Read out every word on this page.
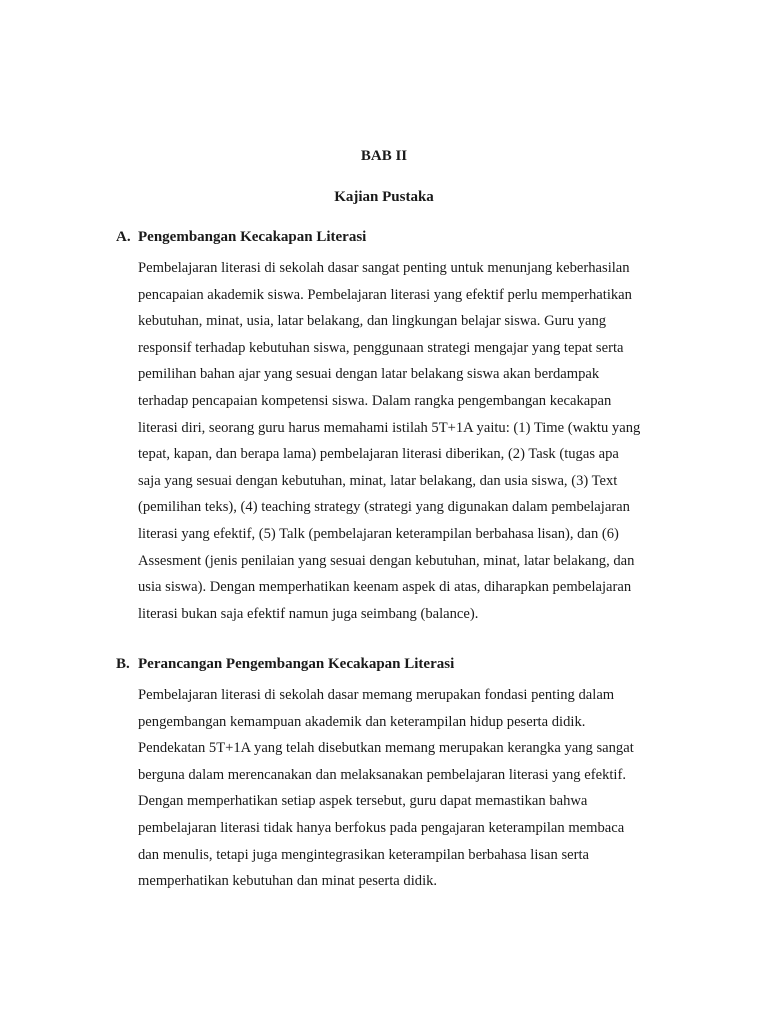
BAB II
Kajian Pustaka
A. Pengembangan Kecakapan Literasi

Pembelajaran literasi di sekolah dasar sangat penting untuk menunjang keberhasilan
pencapaian akademik siswa. Pembelajaran literasi yang efektif perlu memperhatikan
kebutuhan, minat, usia, latar belakang, dan lingkungan belajar siswa. Guru yang
responsif terhadap kebutuhan siswa, penggunaan strategi mengajar yang tepat serta
pemilihan bahan ajar yang sesuai dengan latar belakang siswa akan berdampak
terhadap pencapaian kompetensi siswa. Dalam rangka pengembangan kecakapan
literasi diri, seorang guru harus memahami istilah 5T+1A yaitu: (1) Time (waktu yang
tepat, kapan, dan berapa lama) pembelajaran literasi diberikan, (2) Task (tugas apa
saja yang sesuai dengan kebutuhan, minat, latar belakang, dan usia siswa, (3) Text
(pemilihan teks), (4) teaching strategy (strategi yang digunakan dalam pembelajaran
literasi yang efektif, (5) Talk (pembelajaran keterampilan berbahasa lisan), dan (6)
Assesment (jenis penilaian yang sesuai dengan kebutuhan, minat, latar belakang, dan
usia siswa). Dengan memperhatikan keenam aspek di atas, diharapkan pembelajaran
literasi bukan saja efektif namun juga seimbang (balance).

B. Perancangan Pengembangan Kecakapan Literasi

Pembelajaran literasi di sekolah dasar memang merupakan fondasi penting dalam
pengembangan kemampuan akademik dan keterampilan hidup peserta didik.
Pendekatan 5T+1A yang telah disebutkan memang merupakan kerangka yang sangat
berguna dalam merencanakan dan melaksanakan pembelajaran literasi yang efektif.
Dengan memperhatikan setiap aspek tersebut, guru dapat memastikan bahwa
pembelajaran literasi tidak hanya berfokus pada pengajaran keterampilan membaca
dan menulis, tetapi juga mengintegrasikan keterampilan berbahasa lisan serta
memperhatikan kebutuhan dan minat peserta didik.
